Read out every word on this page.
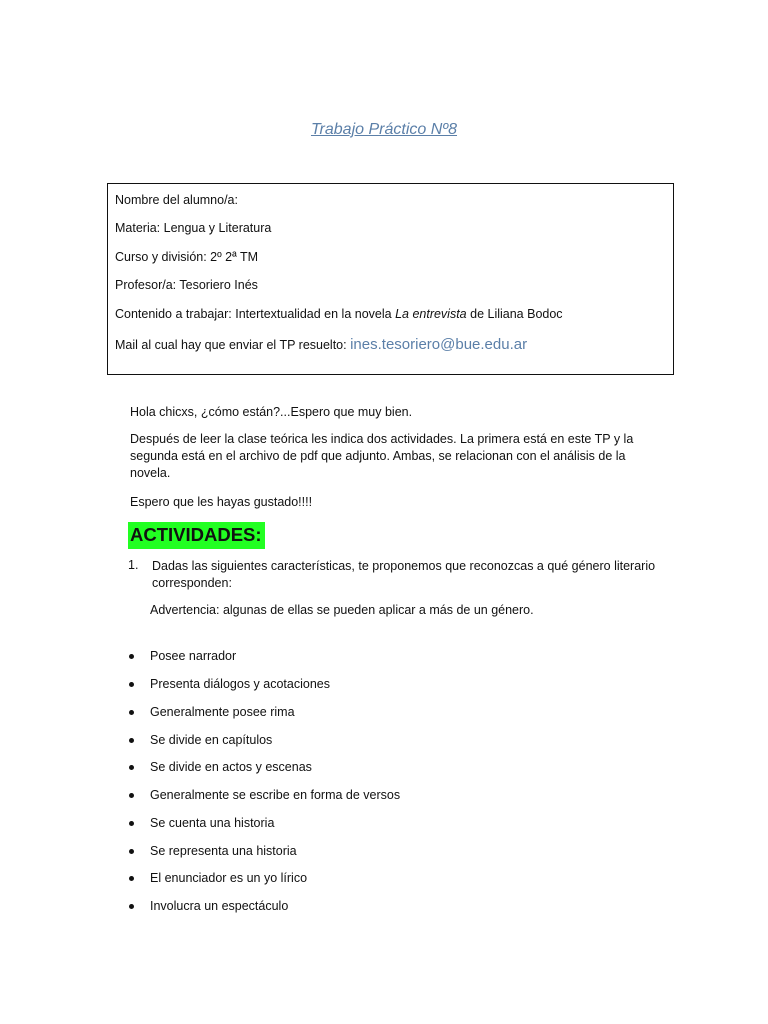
Trabajo Práctico Nº8
Nombre del alumno/a:
Materia: Lengua y Literatura
Curso y división: 2º 2ª TM
Profesor/a: Tesoriero Inés
Contenido a trabajar: Intertextualidad en la novela La entrevista de Liliana Bodoc
Mail al cual hay que enviar el TP resuelto: ines.tesoriero@bue.edu.ar
Hola chicxs, ¿cómo están?...Espero que muy bien.
Después de leer la clase teórica les indica dos actividades. La primera está en este TP y la segunda está en el archivo de pdf que adjunto. Ambas, se relacionan con el análisis de la novela.
Espero que les hayas gustado!!!!
ACTIVIDADES:
1. Dadas las siguientes características, te proponemos que reconozcas a qué género literario corresponden:
Advertencia: algunas de ellas se pueden aplicar a más de un género.
Posee narrador
Presenta diálogos y acotaciones
Generalmente posee rima
Se divide en capítulos
Se divide en actos y escenas
Generalmente se escribe en forma de versos
Se cuenta una historia
Se representa una historia
El enunciador es un yo lírico
Involucra un espectáculo
